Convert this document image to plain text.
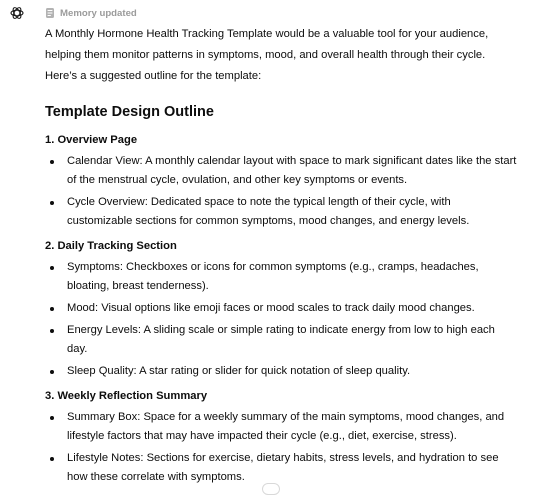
Memory updated

A Monthly Hormone Health Tracking Template would be a valuable tool for your audience, helping them monitor patterns in symptoms, mood, and overall health through their cycle. Here’s a suggested outline for the template:

Template Design Outline
1. Overview Page
Calendar View: A monthly calendar layout with space to mark significant dates like the start of the menstrual cycle, ovulation, and other key symptoms or events.
Cycle Overview: Dedicated space to note the typical length of their cycle, with customizable sections for common symptoms, mood changes, and energy levels.
2. Daily Tracking Section
Symptoms: Checkboxes or icons for common symptoms (e.g., cramps, headaches, bloating, breast tenderness).
Mood: Visual options like emoji faces or mood scales to track daily mood changes.
Energy Levels: A sliding scale or simple rating to indicate energy from low to high each day.
Sleep Quality: A star rating or slider for quick notation of sleep quality.
3. Weekly Reflection Summary
Summary Box: Space for a weekly summary of the main symptoms, mood changes, and lifestyle factors that may have impacted their cycle (e.g., diet, exercise, stress).
Lifestyle Notes: Sections for exercise, dietary habits, stress levels, and hydration to see how these correlate with symptoms.
